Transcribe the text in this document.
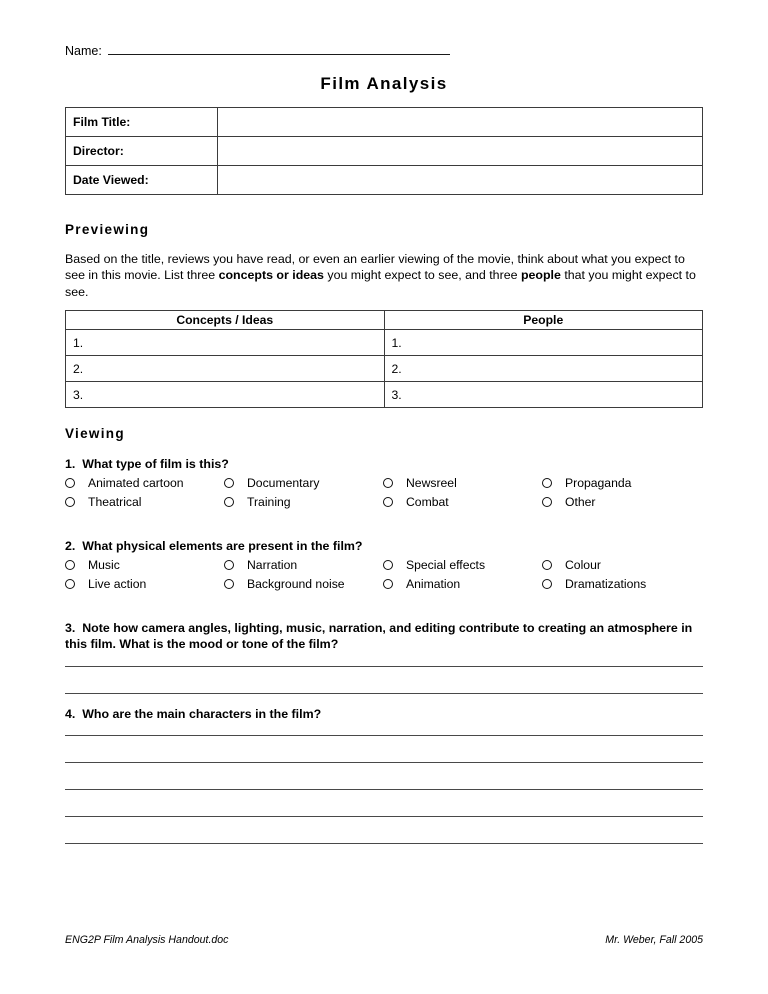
Name:
Film Analysis
Film Title:	
Director:	
Date Viewed:	
Previewing
Based on the title, reviews you have read, or even an earlier viewing of the movie, think about what you expect to see in this movie. List three concepts or ideas you might expect to see, and three people that you might expect to see.
Concepts / Ideas	People
1.	1.
2.	2.
3.	3.
Viewing
1. What type of film is this?
Animated cartoon	Documentary	Newsreel	Propaganda
Theatrical	Training	Combat	Other
2. What physical elements are present in the film?
Music	Narration	Special effects	Colour
Live action	Background noise	Animation	Dramatizations
3. Note how camera angles, lighting, music, narration, and editing contribute to creating an atmosphere in this film. What is the mood or tone of the film?
4. Who are the main characters in the film?
ENG2P Film Analysis Handout.doc	Mr. Weber, Fall 2005
